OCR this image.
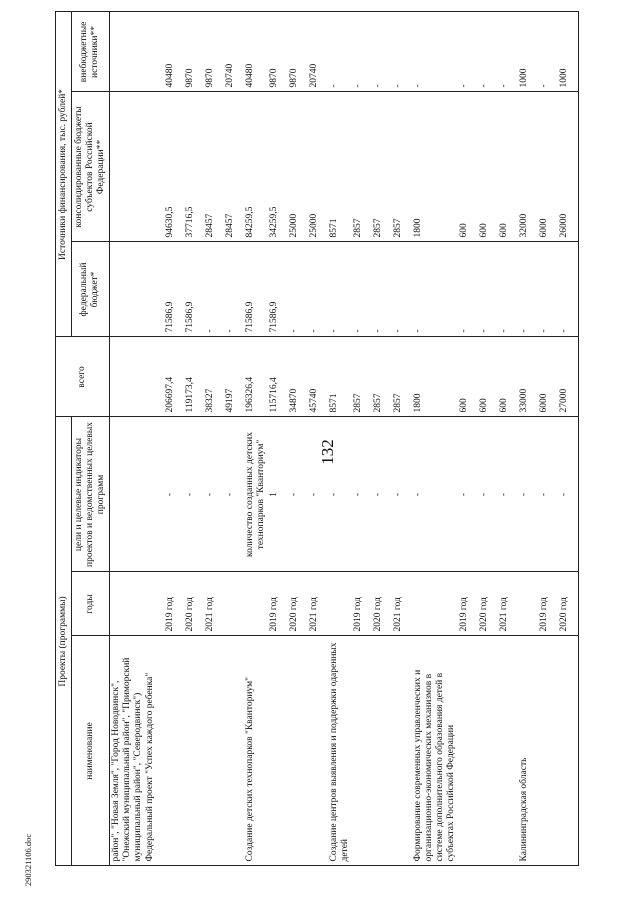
132
290321106.doc
	Проекты (программы)			всего	Источники финансирования, тыс. рублей*		
	наименование	годы	цели и целевые индикаторы проектов и ведомственных целевых программ		федеральный бюджет*	консолидированные бюджеты субъектов Российской Федерации**	внебюджетные источники**
	район", "Новая Земля", "Город Новодвинск", "Онежский муниципальный район", "Приморский муниципальный район", "Северодвинск")						
	Федеральный проект "Успех каждого ребенка"						
		2019 год	-	206697,4	71586,9	94630,5	40480
		2020 год	-	119173,4	71586,9	37716,5	9870
		2021 год	-	38327	-	28457	9870
			-	49197	-	28457	20740
	Создание детских технопарков "Кванториум"		количество созданных детских технопарков "Кванториум"	196326,4	71586,9	84259,5	40480
		2019 год	1	115716,4	71586,9	34259,5	9870
		2020 год	-	34870	-	25000	9870
		2021 год	-	45740	-	25000	20740
	Создание центров выявления и поддержки одаренных детей		-	8571	-	8571	-
		2019 год	-	2857	-	2857	-
		2020 год	-	2857	-	2857	-
		2021 год	-	2857	-	2857	-
	Формирование современных управленческих и организационно-экономических механизмов в системе дополнительного образования детей в субъектах Российской Федерации		-	1800	-	1800	-
		2019 год	-	600	-	600	-
		2020 год	-	600	-	600	-
		2021 год	-	600	-	600	-
	Калининградская область		-	33000	-	32000	1000
		2019 год	-	6000	-	6000	-
		2020 год	-	27000	-	26000	1000
